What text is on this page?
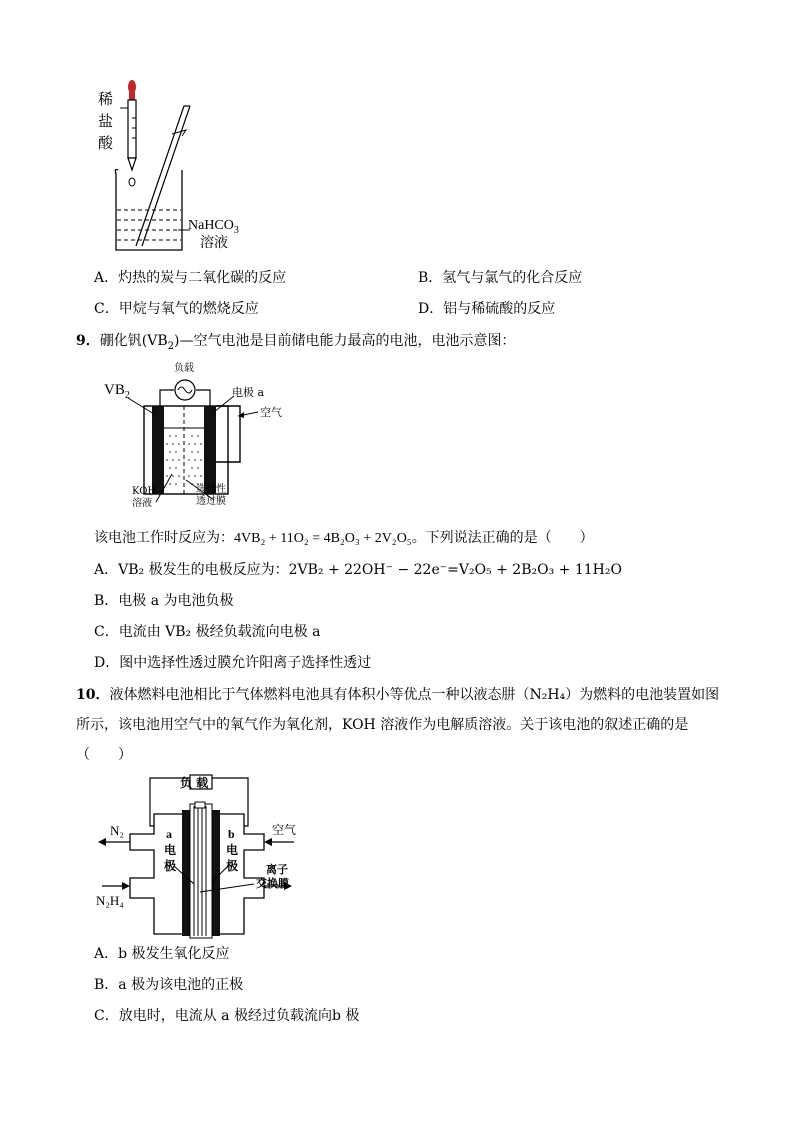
稀
盐
酸
NaHCO$_3$
溶液
A．灼热的炭与二氧化碳的反应	B．氢气与氯气的化合反应
C．甲烷与氧气的燃烧反应	D．铝与稀硫酸的反应
9．硼化钒$(VB_2)—$空气电池是目前储电能力最高的电池，电池示意图：
$VB_2$
负载
电极 a
空气
KOH
溶液
选择性
透过膜
该电池工作时反应为：4VB₂ + 11O₂ = 4B₂O₃ + 2V₂O₅。下列说法正确的是（　　）
A．VB₂ 极发生的电极反应为：2VB₂ + 22OH⁻ − 22e⁻=V₂O₅ + 2B₂O₃ + 11H₂O
B．电极 a 为电池负极
C．电流由 VB₂ 极经负载流向电极 a
D．图中选择性透过膜允许阳离子选择性透过
10．液体燃料电池相比于气体燃料电池具有体积小等优点一种以液态肼（N₂H₄）为燃料的电池装置如图
所示，该电池用空气中的氧气作为氧化剂，KOH 溶液作为电解质溶液。关于该电池的叙述正确的是
（　　）
负 载
N₂
N₂H₄
空气
a
电
极
b
电
极	离子
交换膜
A．b 极发生氧化反应
B．a 极为该电池的正极
C．放电时，电流从 a 极经过负载流向b 极
